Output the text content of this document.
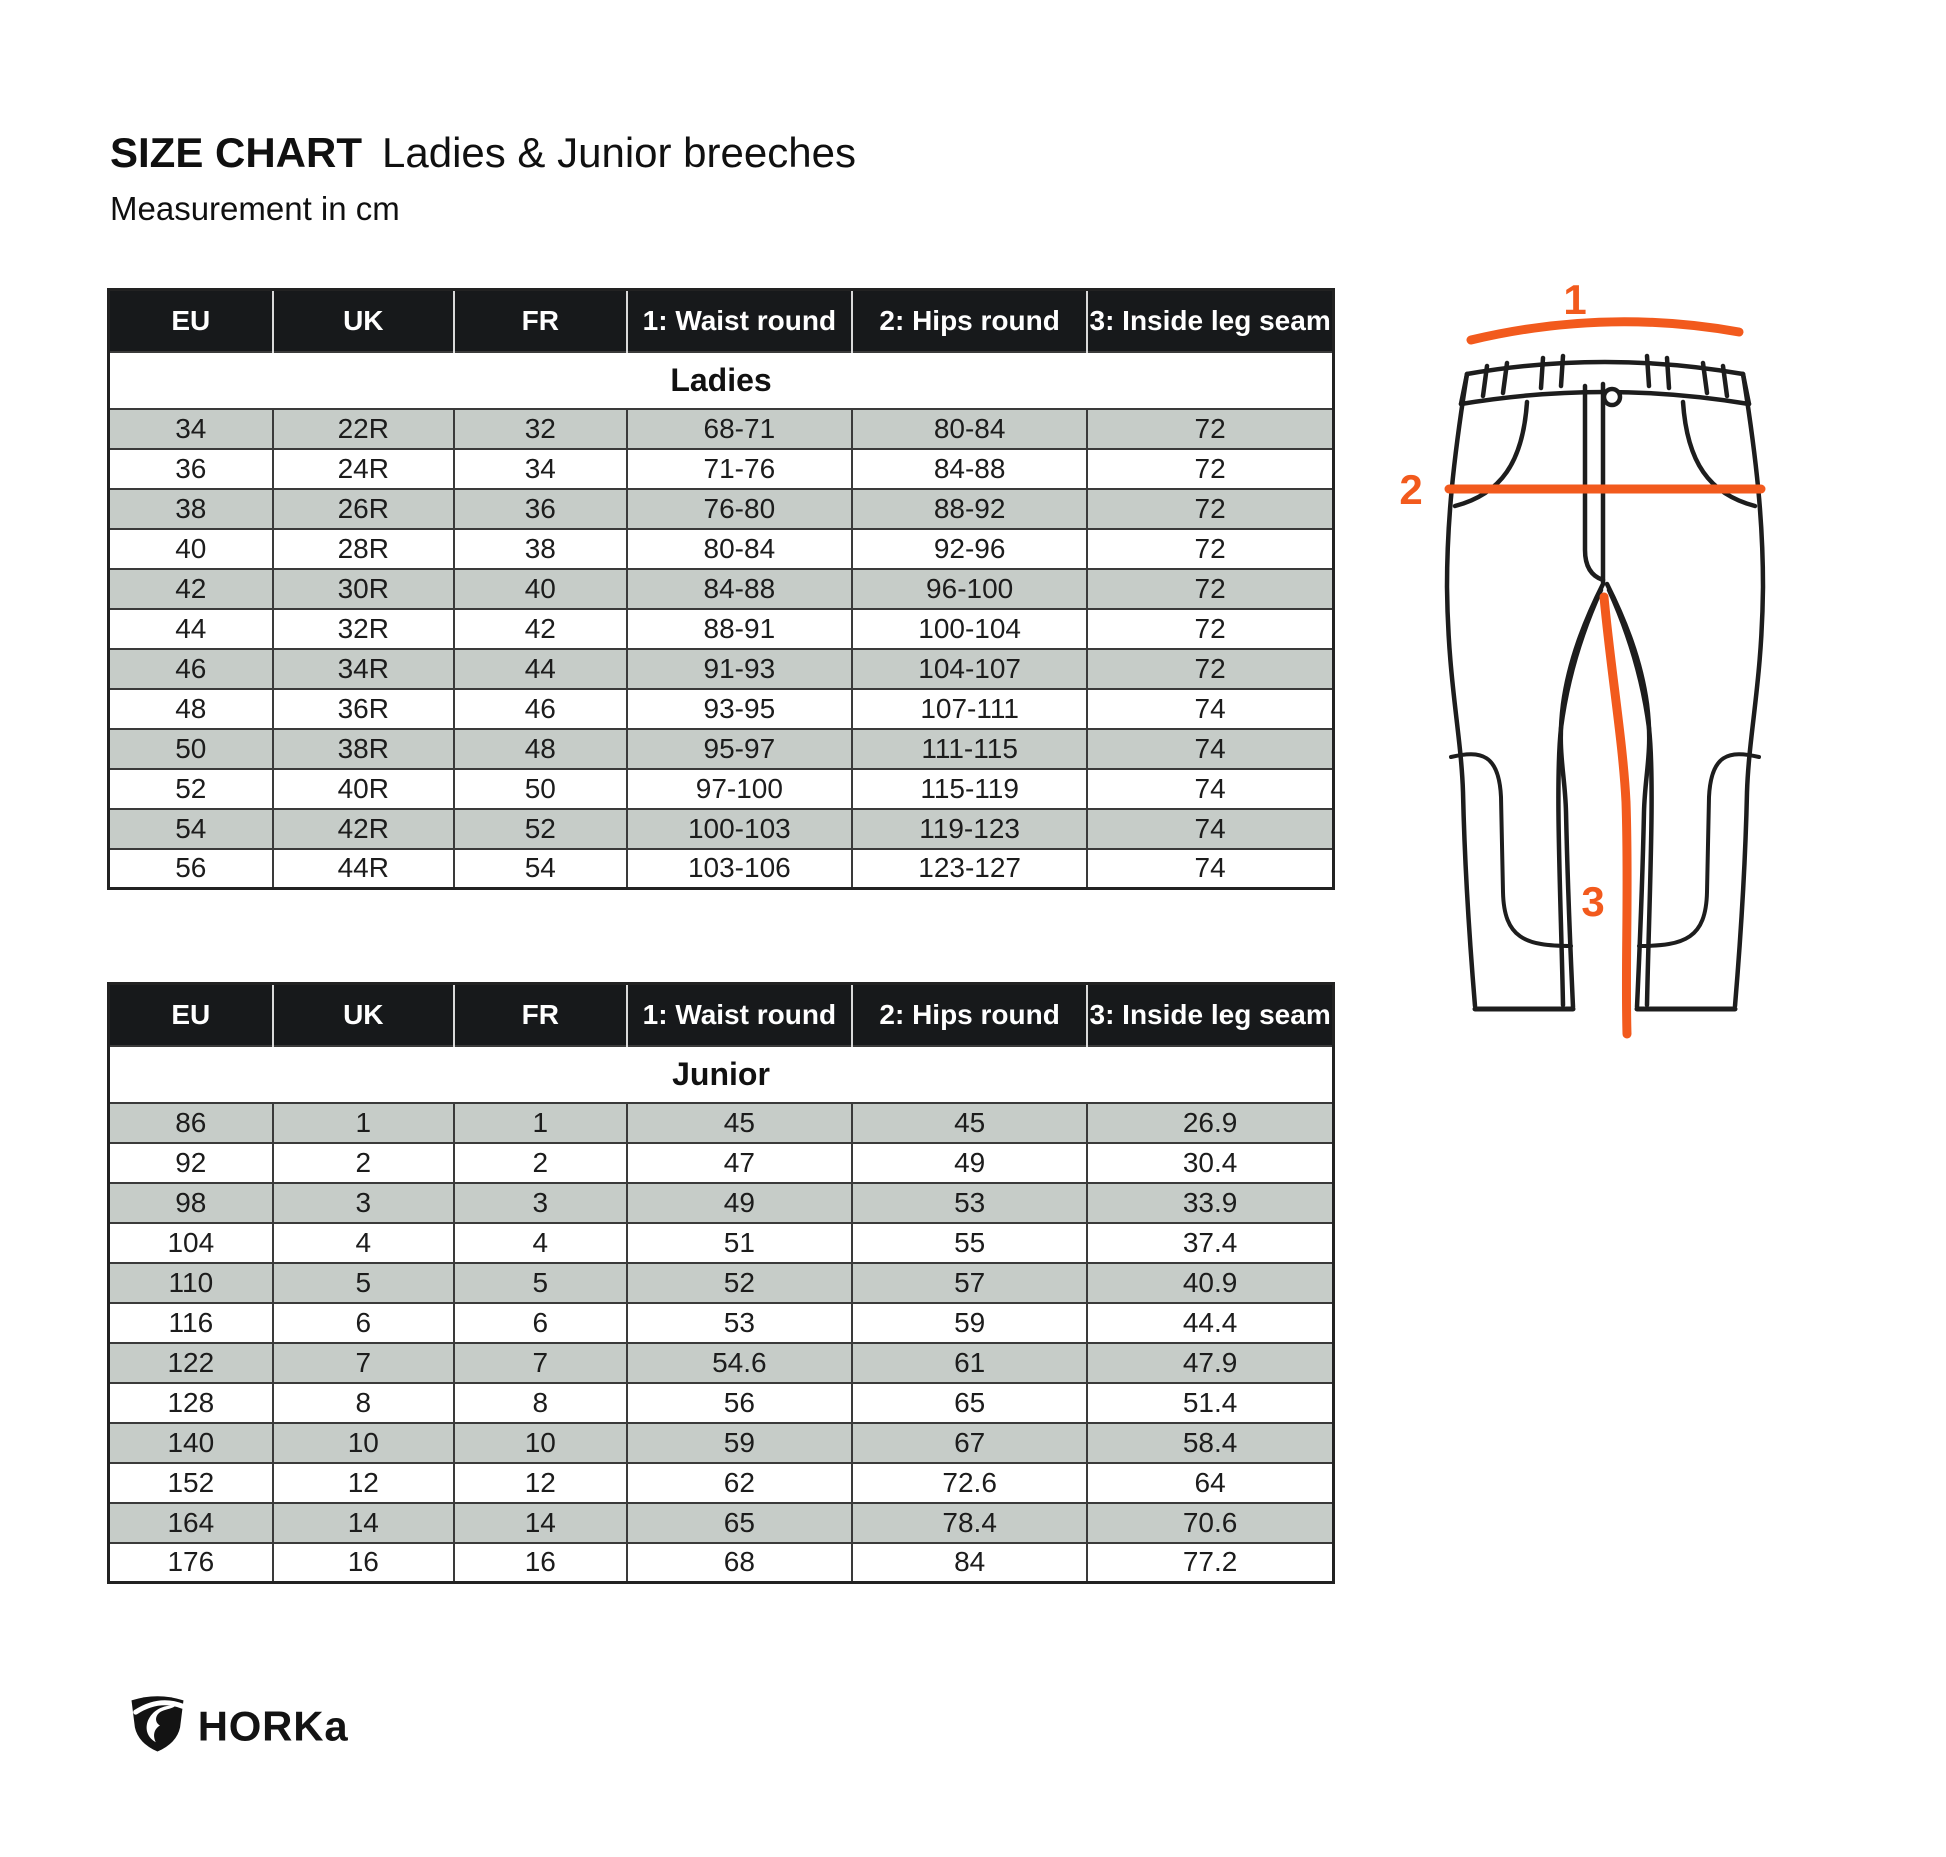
SIZE CHART Ladies & Junior breeches
Measurement in cm
Ladies					
EU	UK	FR	1: Waist round	2: Hips round	3: Inside leg seam
34	22R	32	68-71	80-84	72
36	24R	34	71-76	84-88	72
38	26R	36	76-80	88-92	72
40	28R	38	80-84	92-96	72
42	30R	40	84-88	96-100	72
44	32R	42	88-91	100-104	72
46	34R	44	91-93	104-107	72
48	36R	46	93-95	107-111	74
50	38R	48	95-97	111-115	74
52	40R	50	97-100	115-119	74
54	42R	52	100-103	119-123	74
56	44R	54	103-106	123-127	74
Junior					
EU	UK	FR	1: Waist round	2: Hips round	3: Inside leg seam
86	1	1	45	45	26.9
92	2	2	47	49	30.4
98	3	3	49	53	33.9
104	4	4	51	55	37.4
110	5	5	52	57	40.9
116	6	6	53	59	44.4
122	7	7	54.6	61	47.9
128	8	8	56	65	51.4
140	10	10	59	67	58.4
152	12	12	62	72.6	64
164	14	14	65	78.4	70.6
176	16	16	68	84	77.2
1
2
3
HORKa
